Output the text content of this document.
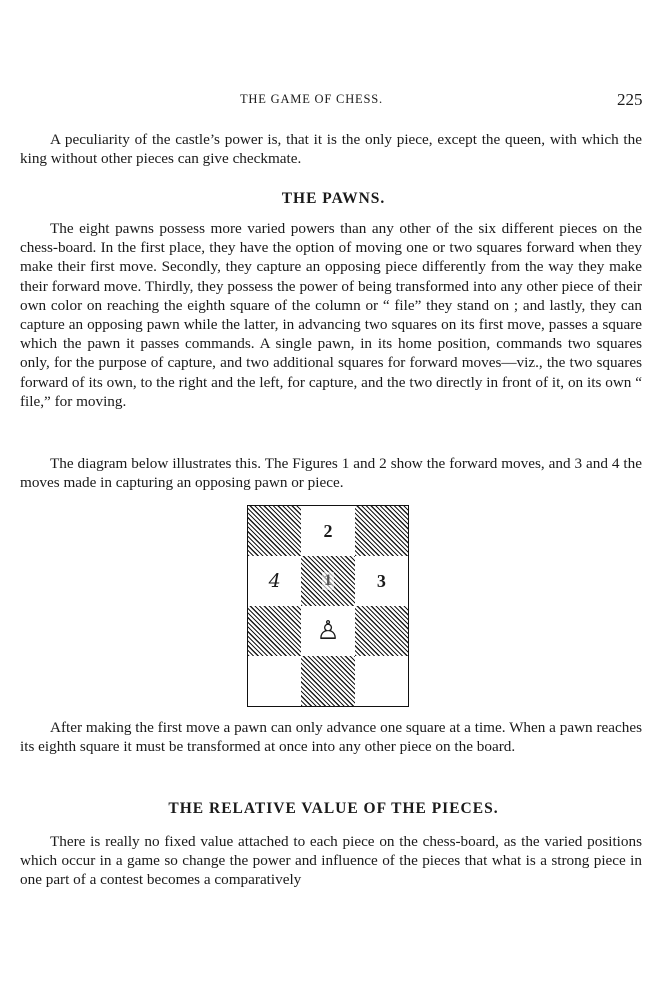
THE GAME OF CHESS.	225

A peculiarity of the castle’s power is, that it is the only piece, except the queen, with which the king without other pieces can give checkmate.

THE PAWNS.

The eight pawns possess more varied powers than any other of the six different pieces on the chess-board. In the first place, they have the option of moving one or two squares forward when they make their first move. Secondly, they capture an opposing piece differently from the way they make their forward move. Thirdly, they possess the power of being transformed into any other piece of their own color on reaching the eighth square of the column or “ file” they stand on ; and lastly, they can capture an opposing pawn while the latter, in advancing two squares on its first move, passes a square which the pawn it passes commands. A single pawn, in its home position, commands two squares only, for the purpose of capture, and two additional squares for forward moves—viz., the two squares forward of its own, to the right and the left, for capture, and the two directly in front of it, on its own “ file,” for moving.

The diagram below illustrates this. The Figures 1 and 2 show the forward moves, and 3 and 4 the moves made in capturing an opposing pawn or piece.

2
4	1 3
♙

After making the first move a pawn can only advance one square at a time. When a pawn reaches its eighth square it must be transformed at once into any other piece on the board.

THE RELATIVE VALUE OF THE PIECES.

There is really no fixed value attached to each piece on the chess-board, as the varied positions which occur in a game so change the power and influence of the pieces that what is a strong piece in one part of a contest becomes a comparatively
